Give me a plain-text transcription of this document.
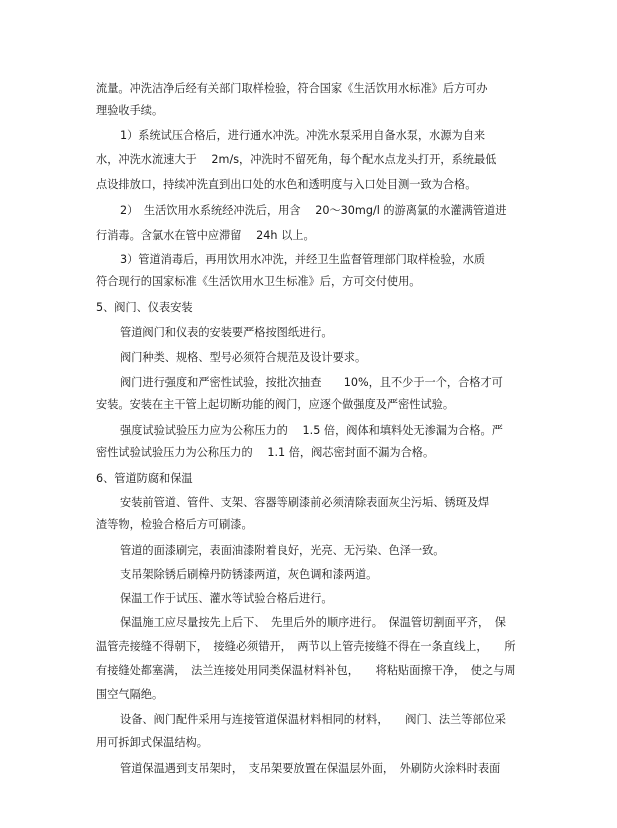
流量。冲洗洁净后经有关部门取样检验，符合国家《生活饮用水标准》后方可办
理验收手续。
1）系统试压合格后，进行通水冲洗。冲洗水泵采用自备水泵，水源为自来
水，冲洗水流速大于　 2m/s，冲洗时不留死角，每个配水点龙头打开，系统最低
点设排放口，持续冲洗直到出口处的水色和透明度与入口处目测一致为合格。
2）　生活饮用水系统经冲洗后，用含　 20～30mg/l 的游离氯的水灌满管道进
行消毒。含氯水在管中应滞留　 24h 以上。
3）管道消毒后，再用饮用水冲洗，并经卫生监督管理部门取样检验，水质
符合现行的国家标准《生活饮用水卫生标准》后，方可交付使用。
5、阀门、仪表安装
管道阀门和仪表的安装要严格按图纸进行。
阀门种类、规格、型号必须符合规范及设计要求。
阀门进行强度和严密性试验，按批次抽查　　10%，且不少于一个，合格才可
安装。安装在主干管上起切断功能的阀门，应逐个做强度及严密性试验。
强度试验试验压力应为公称压力的　 1.5 倍，阀体和填料处无渗漏为合格。严
密性试验试验压力为公称压力的　 1.1 倍，阀芯密封面不漏为合格。
6、管道防腐和保温
安装前管道、管件、支架、容器等刷漆前必须清除表面灰尘污垢、锈斑及焊
渣等物，检验合格后方可刷漆。
管道的面漆刷完，表面油漆附着良好，光亮、无污染、色泽一致。
支吊架除锈后刷樟丹防锈漆两道，灰色调和漆两道。
保温工作于试压、灌水等试验合格后进行。
保温施工应尽量按先上后下、　先里后外的顺序进行。　保温管切割面平齐，　保
温管壳接缝不得朝下，　接缝必须错开，　两节以上管壳接缝不得在一条直线上，　　所
有接缝处都塞满，　法兰连接处用同类保温材料补包，　　将粘贴面擦干净，　使之与周
围空气隔绝。
设备、阀门配件采用与连接管道保温材料相同的材料，　　阀门、法兰等部位采
用可拆卸式保温结构。
管道保温遇到支吊架时，　支吊架要放置在保温层外面，　外刷防火涂料时表面
